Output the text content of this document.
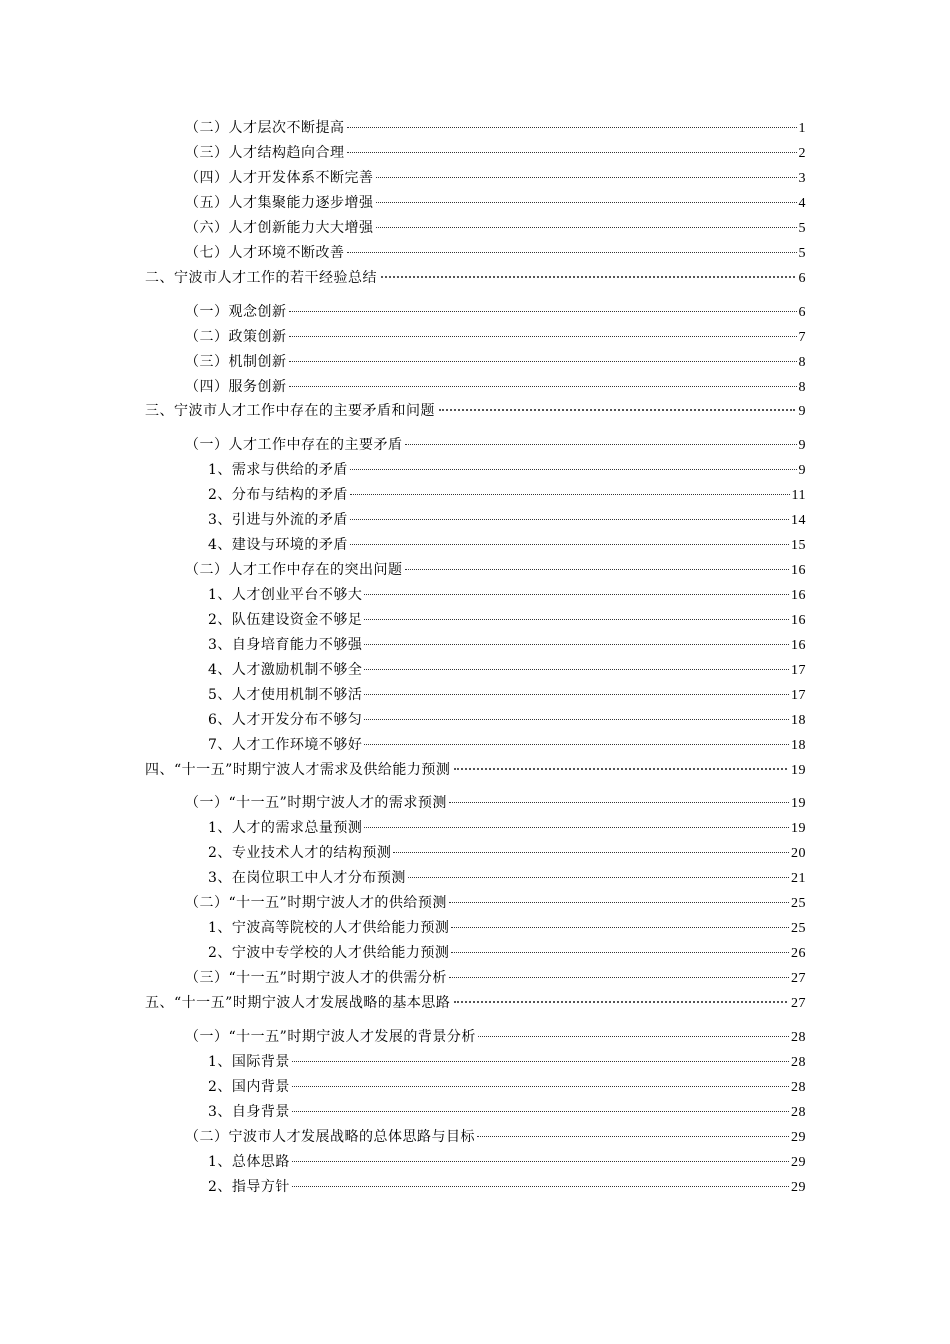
（二）人才层次不断提高	1
（三）人才结构趋向合理	2
（四）人才开发体系不断完善	3
（五）人才集聚能力逐步增强	4
（六）人才创新能力大大增强	5
（七）人才环境不断改善	5
二、宁波市人才工作的若干经验总结	6
（一）观念创新	6
（二）政策创新	7
（三）机制创新	8
（四）服务创新	8
三、宁波市人才工作中存在的主要矛盾和问题	9
（一）人才工作中存在的主要矛盾	9
1、需求与供给的矛盾	9
2、分布与结构的矛盾	11
3、引进与外流的矛盾	14
4、建设与环境的矛盾	15
（二）人才工作中存在的突出问题	16
1、人才创业平台不够大	16
2、队伍建设资金不够足	16
3、自身培育能力不够强	16
4、人才激励机制不够全	17
5、人才使用机制不够活	17
6、人才开发分布不够匀	18
7、人才工作环境不够好	18
四、“十一五”时期宁波人才需求及供给能力预测	19
（一）“十一五”时期宁波人才的需求预测	19
1、人才的需求总量预测	19
2、专业技术人才的结构预测	20
3、在岗位职工中人才分布预测	21
（二）“十一五”时期宁波人才的供给预测	25
1、宁波高等院校的人才供给能力预测	25
2、宁波中专学校的人才供给能力预测	26
（三）“十一五”时期宁波人才的供需分析	27
五、“十一五”时期宁波人才发展战略的基本思路	27
（一）“十一五”时期宁波人才发展的背景分析	28
1、国际背景	28
2、国内背景	28
3、自身背景	28
（二）宁波市人才发展战略的总体思路与目标	29
1、总体思路	29
2、指导方针	29
